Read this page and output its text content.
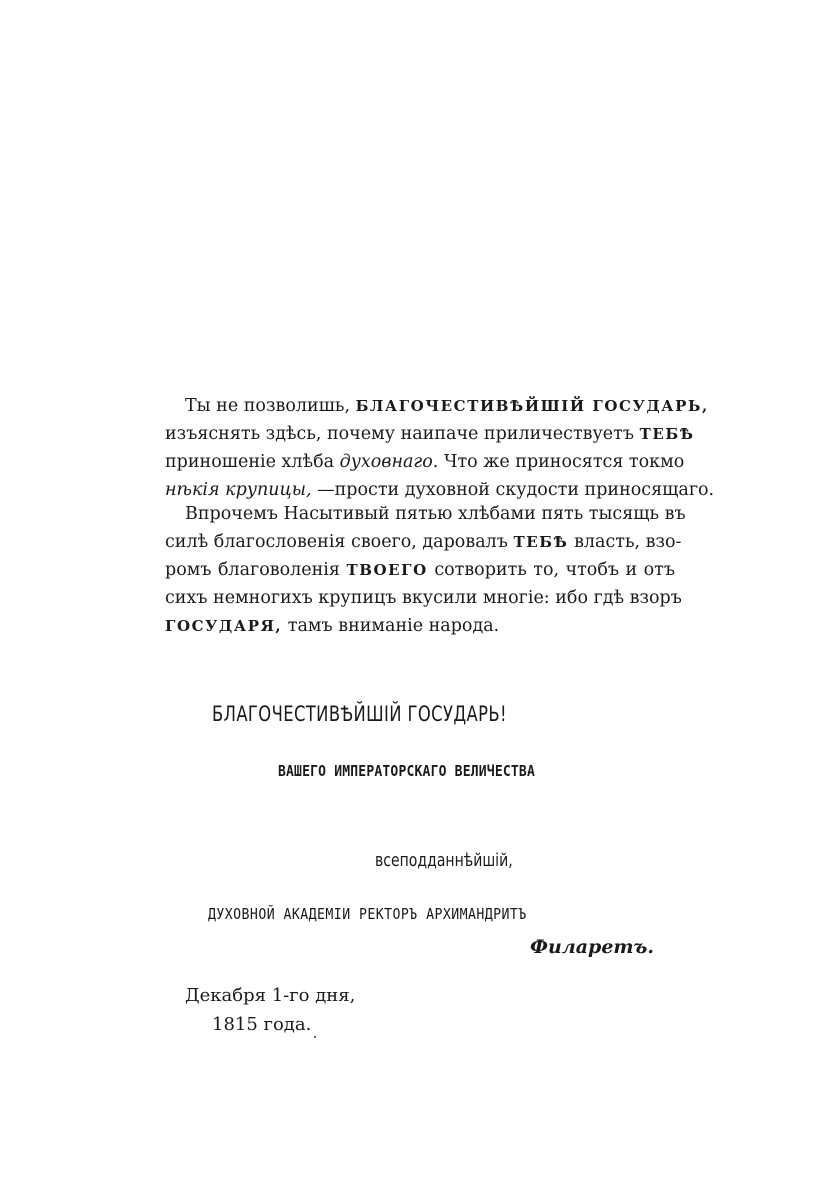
Ты не позволишь, БЛАГОЧЕСТИВѢЙШІЙ ГОСУДАРЬ,
изъяснять здѣсь, почему наипаче приличествуетъ ТЕБѢ
приношеніе хлѣба духовнаго. Что же приносятся токмо
нѣкія крупицы, —прости духовной скудости приносящаго.

Впрочемъ Насытивый пятью хлѣбами пять тысящь въ
силѣ благословенія своего, даровалъ ТЕБѢ власть, взо-
ромъ благоволенія ТВОЕГО сотворить то, чтобъ и отъ
сихъ немногихъ крупицъ вкусили многіе: ибо гдѣ взоръ
ГОСУДАРЯ, тамъ вниманіе народа.

БЛАГОЧЕСТИВѢЙШІЙ ГОСУДАРЬ!
ВАШЕГО ИМПЕРАТОРСКАГО ВЕЛИЧЕСТВА
всеподданнѣйшій,
ДУХОВНОЙ АКАДЕМІИ РЕКТОРЪ АРХИМАНДРИТЪ
Филаретъ.
Декабря 1-го дня,
1815 года.
